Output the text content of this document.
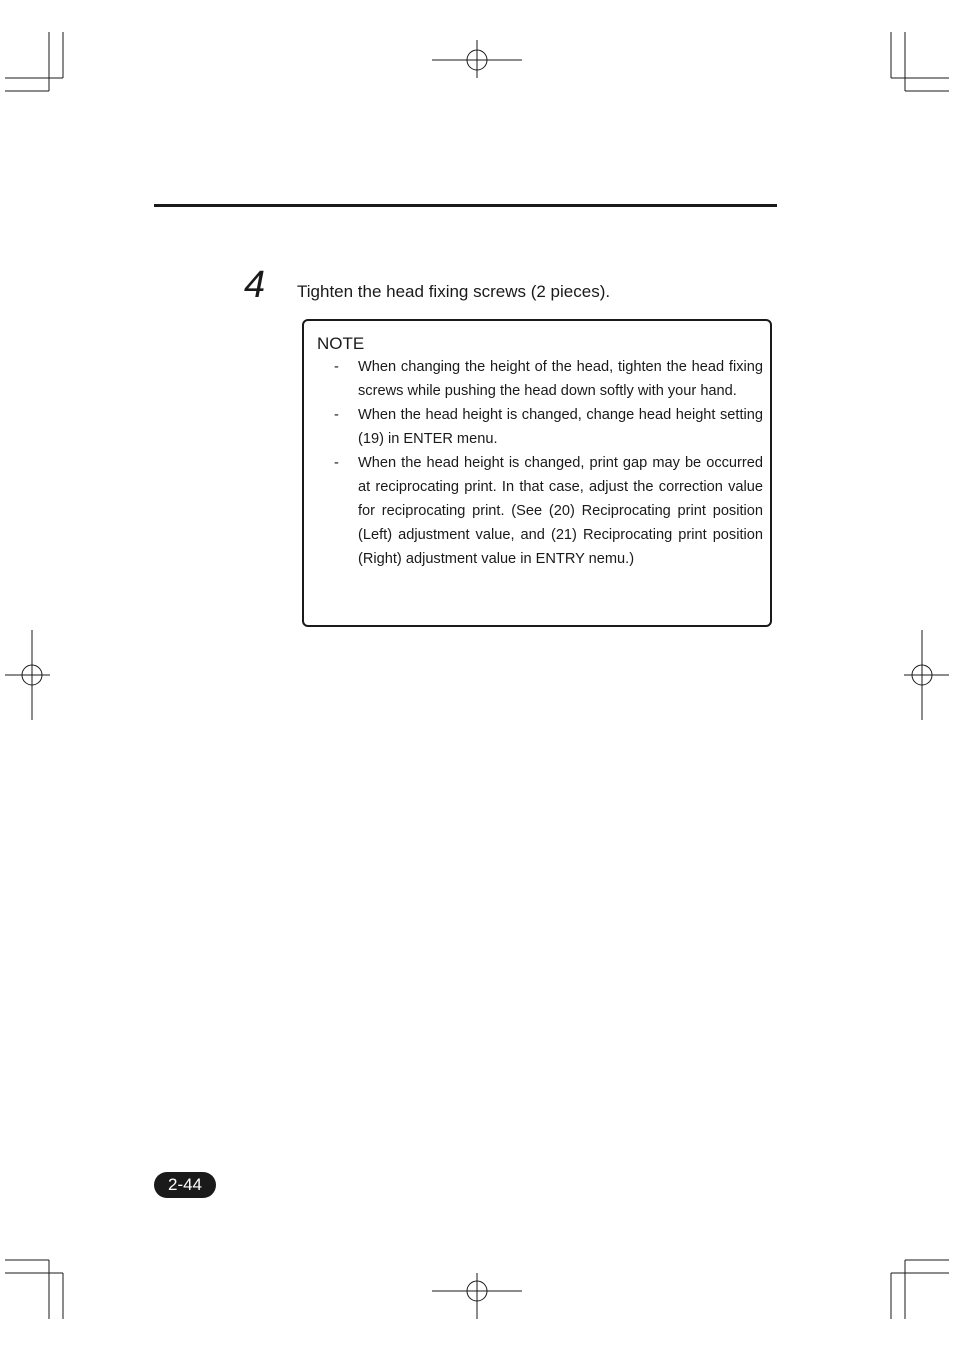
4 Tighten the head fixing screws (2 pieces).
NOTE
- When changing the height of the head, tighten the head fixing screws while pushing the head down softly with your hand.
- When the head height is changed, change head height setting (19) in ENTER menu.
- When the head height is changed, print gap may be occurred at reciprocating print. In that case, adjust the correction value for reciprocating print. (See (20) Reciprocating print position (Left) adjustment value, and (21) Reciprocating print position (Right) adjustment value in ENTRY nemu.)
2-44
